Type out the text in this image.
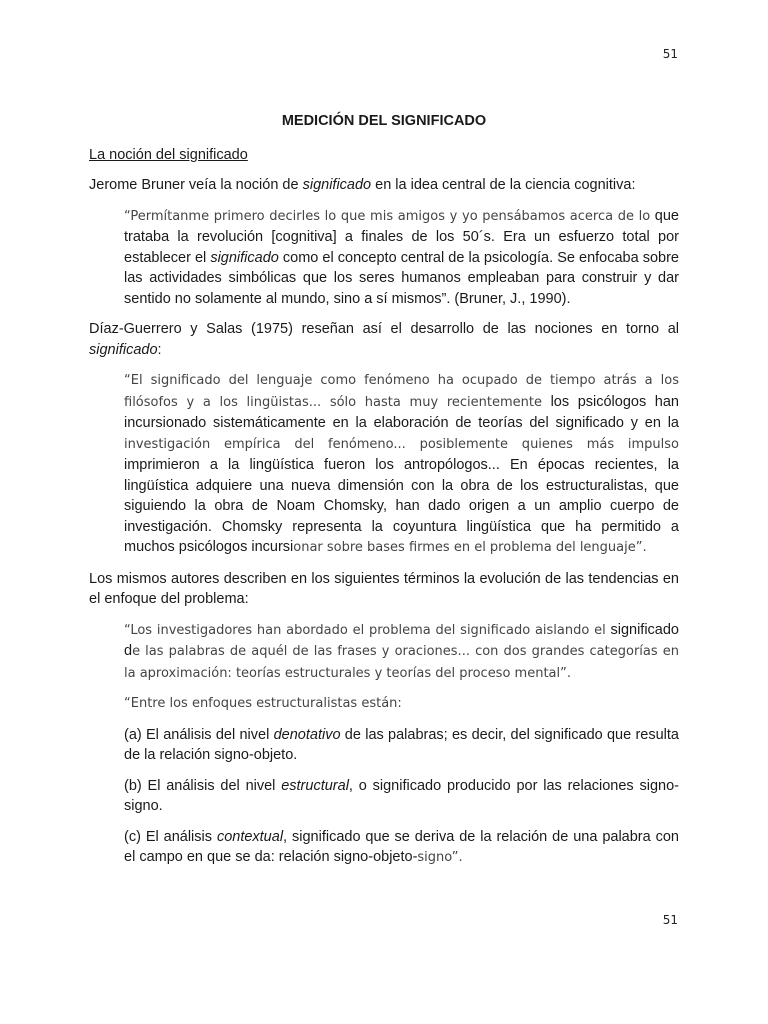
51
MEDICIÓN DEL SIGNIFICADO
La noción del significado

Jerome Bruner veía la noción de significado en la idea central de la ciencia cognitiva:

“Permítanme primero decirles lo que mis amigos y yo pensábamos acerca de lo que trataba la revolución [cognitiva] a finales de los 50´s. Era un esfuerzo total por establecer el significado como el concepto central de la psicología. Se enfocaba sobre las actividades simbólicas que los seres humanos empleaban para construir y dar sentido no solamente al mundo, sino a sí mismos”. (Bruner, J., 1990).

Díaz-Guerrero y Salas (1975) reseñan así el desarrollo de las nociones en torno al significado:

“El significado del lenguaje como fenómeno ha ocupado de tiempo atrás a los filósofos y a los lingüistas... sólo hasta muy recientemente los psicólogos han incursionado sistemáticamente en la elaboración de teorías del significado y en la investigación empírica del fenómeno... posiblemente quienes más impulso imprimieron a la lingüística fueron los antropólogos... En épocas recientes, la lingüística adquiere una nueva dimensión con la obra de los estructuralistas, que siguiendo la obra de Noam Chomsky, han dado origen a un amplio cuerpo de investigación. Chomsky representa la coyuntura lingüística que ha permitido a muchos psicólogos incursionar sobre bases firmes en el problema del lenguaje”.

Los mismos autores describen en los siguientes términos la evolución de las tendencias en el enfoque del problema:

“Los investigadores han abordado el problema del significado aislando el significado de las palabras de aquél de las frases y oraciones... con dos grandes categorías en la aproximación: teorías estructurales y teorías del proceso mental”.
“Entre los enfoques estructuralistas están:
(a) El análisis del nivel denotativo de las palabras; es decir, del significado que resulta de la relación signo-objeto.
(b) El análisis del nivel estructural, o significado producido por las relaciones signo-signo.
(c) El análisis contextual, significado que se deriva de la relación de una palabra con el campo en que se da: relación signo-objeto-signo”.
51
